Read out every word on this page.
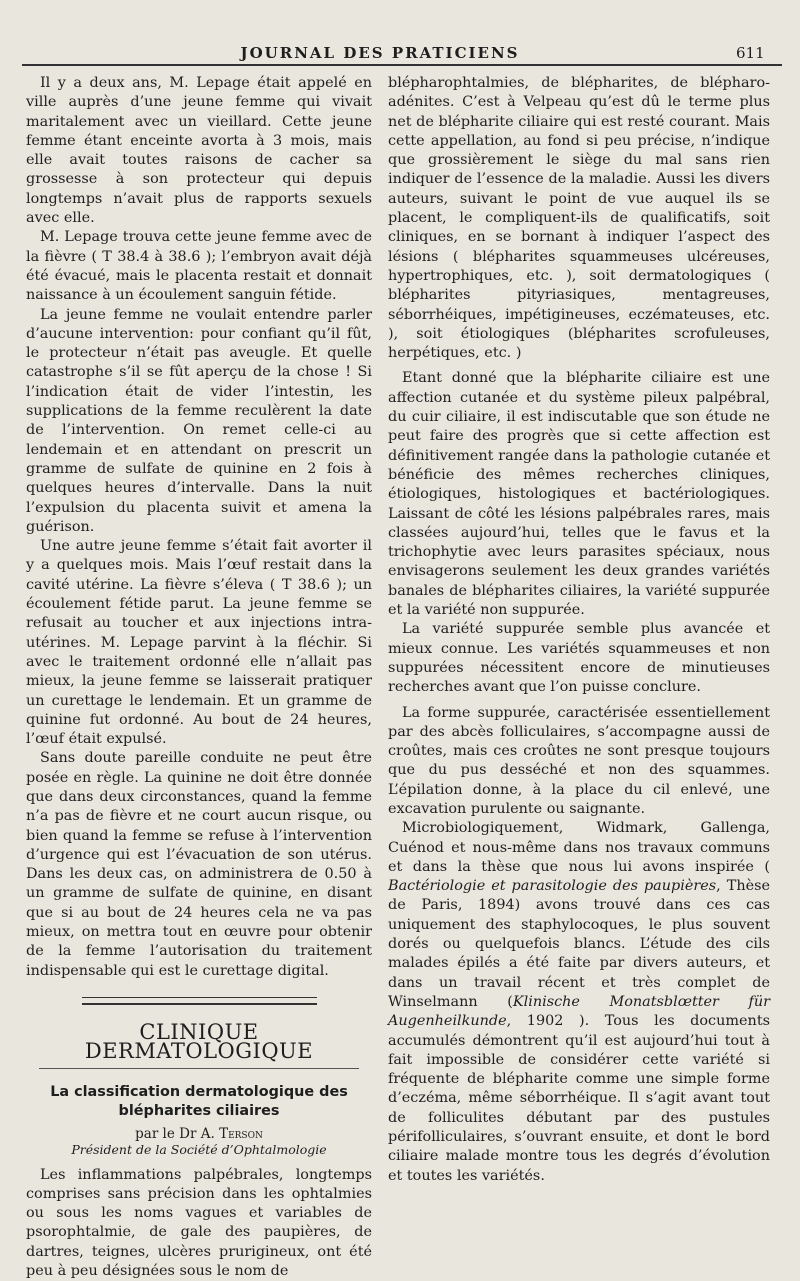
JOURNAL DES PRATICIENS	611

Il y a deux ans, M. Lepage était appelé en ville auprès d’une jeune femme qui vivait maritalement avec un vieillard. Cette jeune femme étant enceinte avorta à 3 mois, mais elle avait toutes raisons de cacher sa grossesse à son protecteur qui depuis longtemps n’avait plus de rapports sexuels avec elle.

M. Lepage trouva cette jeune femme avec de la fièvre ( T 38.4 à 38.6 ); l’embryon avait déjà été évacué, mais le placenta restait et donnait naissance à un écoulement sanguin fétide.

La jeune femme ne voulait entendre parler d’aucune intervention: pour confiant qu’il fût, le protecteur n’était pas aveugle. Et quelle catastrophe s’il se fût aperçu de la chose ! Si l’indication était de vider l’intestin, les supplications de la femme reculèrent la date de l’intervention. On remet celle-ci au lendemain et en attendant on prescrit un gramme de sulfate de quinine en 2 fois à quelques heures d’intervalle. Dans la nuit l’expulsion du placenta suivit et amena la guérison.

Une autre jeune femme s’était fait avorter il y a quelques mois. Mais l’œuf restait dans la cavité utérine. La fièvre s’éleva ( T 38.6 ); un écoulement fétide parut. La jeune femme se refusait au toucher et aux injections intra-utérines. M. Lepage parvint à la fléchir. Si avec le traitement ordonné elle n’allait pas mieux, la jeune femme se laisserait pratiquer un curettage le lendemain. Et un gramme de quinine fut ordonné. Au bout de 24 heures, l’œuf était expulsé.

Sans doute pareille conduite ne peut être posée en règle. La quinine ne doit être donnée que dans deux circonstances, quand la femme n’a pas de fièvre et ne court aucun risque, ou bien quand la femme se refuse à l’intervention d’urgence qui est l’évacuation de son utérus. Dans les deux cas, on administrera de 0.50 à un gramme de sulfate de quinine, en disant que si au bout de 24 heures cela ne va pas mieux, on mettra tout en œuvre pour obtenir de la femme l’autorisation du traitement indispensable qui est le curettage digital.

CLINIQUE DERMATOLOGIQUE
La classification dermatologique des blépharites ciliaires
par le Dr A. Terson
Président de la Société d’Ophtalmologie

Les inflammations palpébrales, longtemps comprises sans précision dans les ophtalmies ou sous les noms vagues et variables de psorophtalmie, de gale des paupières, de dartres, teignes, ulcères prurigineux, ont été peu à peu désignées sous le nom de

blépharophtalmies, de blépharites, de blépharo-adénites. C’est à Velpeau qu’est dû le terme plus net de blépharite ciliaire qui est resté courant. Mais cette appellation, au fond si peu précise, n’indique que grossièrement le siège du mal sans rien indiquer de l’essence de la maladie. Aussi les divers auteurs, suivant le point de vue auquel ils se placent, le compliquent-ils de qualificatifs, soit cliniques, en se bornant à indiquer l’aspect des lésions ( blépharites squammeuses ulcéreuses, hypertrophiques, etc. ), soit dermatologiques ( blépharites pityriasiques, mentagreuses, séborrhéiques, impétigineuses, eczémateuses, etc. ), soit étiologiques (blépharites scrofuleuses, herpétiques, etc. )

Etant donné que la blépharite ciliaire est une affection cutanée et du système pileux palpébral, du cuir ciliaire, il est indiscutable que son étude ne peut faire des progrès que si cette affection est définitivement rangée dans la pathologie cutanée et bénéficie des mêmes recherches cliniques, étiologiques, histologiques et bactériologiques. Laissant de côté les lésions palpébrales rares, mais classées aujourd’hui, telles que le favus et la trichophytie avec leurs parasites spéciaux, nous envisagerons seulement les deux grandes variétés banales de blépharites ciliaires, la variété suppurée et la variété non suppurée.

La variété suppurée semble plus avancée et mieux connue. Les variétés squammeuses et non suppurées nécessitent encore de minutieuses recherches avant que l’on puisse conclure.

La forme suppurée, caractérisée essentiellement par des abcès folliculaires, s’accompagne aussi de croûtes, mais ces croûtes ne sont presque toujours que du pus desséché et non des squammes. L’épilation donne, à la place du cil enlevé, une excavation purulente ou saignante.

Microbiologiquement, Widmark, Gallenga, Cuénod et nous-même dans nos travaux communs et dans la thèse que nous lui avons inspirée ( Bactériologie et parasitologie des paupières, Thèse de Paris, 1894) avons trouvé dans ces cas uniquement des staphylocoques, le plus souvent dorés ou quelquefois blancs. L’étude des cils malades épilés a été faite par divers auteurs, et dans un travail récent et très complet de Winselmann (Klinische Monatsblœtter für Augenheilkunde, 1902 ). Tous les documents accumulés démontrent qu’il est aujourd’hui tout à fait impossible de considérer cette variété si fréquente de blépharite comme une simple forme d’eczéma, même séborrhéique. Il s’agit avant tout de folliculites débutant par des pustules périfolliculaires, s’ouvrant ensuite, et dont le bord ciliaire malade montre tous les degrés d’évolution et toutes les variétés.
